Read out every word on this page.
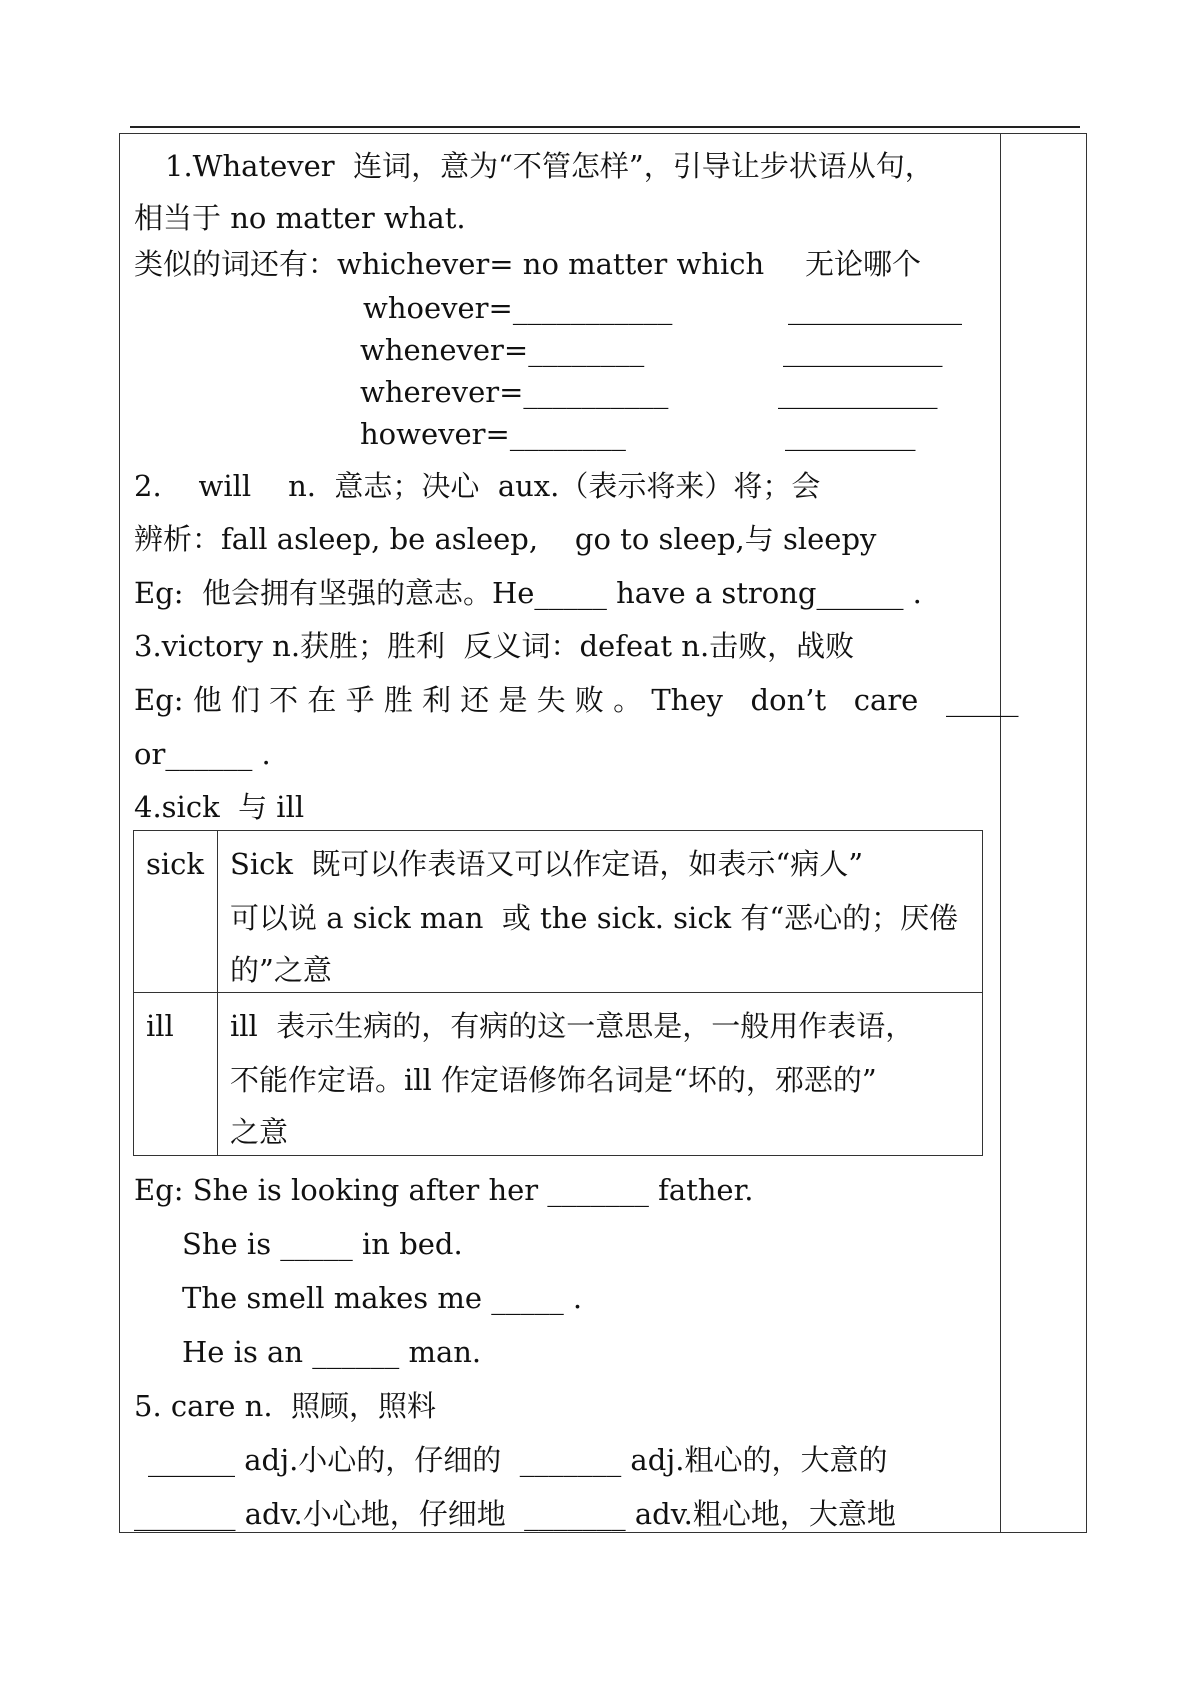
1.Whatever  连词，意为“不管怎样”，引导让步状语从句，
相当于 no matter what.
类似的词还有：whichever= no matter which 无论哪个
whoever=___________	____________
whenever=________	___________
wherever=__________	___________
however=________	_________
2.    will    n.  意志；决心  aux.（表示将来）将；会
辨析：fall asleep, be asleep,    go to sleep,与 sleepy
Eg:  他会拥有坚强的意志。He_____ have a strong______ .
3.victory n.获胜；胜利  反义词：defeat n.击败，战败
Eg: 他 们 不 在 乎 胜 利 还 是 失 败 。 They   don’t   care   _____
or______ .
4.sick  与 ill
sick Sick  既可以作表语又可以作定语，如表示“病人”
可以说 a sick man  或 the sick. sick 有“恶心的；厌倦
的”之意
ill ill  表示生病的，有病的这一意思是，一般用作表语，
不能作定语。ill 作定语修饰名词是“坏的，邪恶的”
之意
Eg: She is looking after her _______ father.
She is _____ in bed.
The smell makes me _____ .
He is an ______ man.
5. care n.  照顾，照料
______ adj.小心的，仔细的  _______ adj.粗心的，大意的
_______ adv.小心地，仔细地  _______ adv.粗心地，大意地
